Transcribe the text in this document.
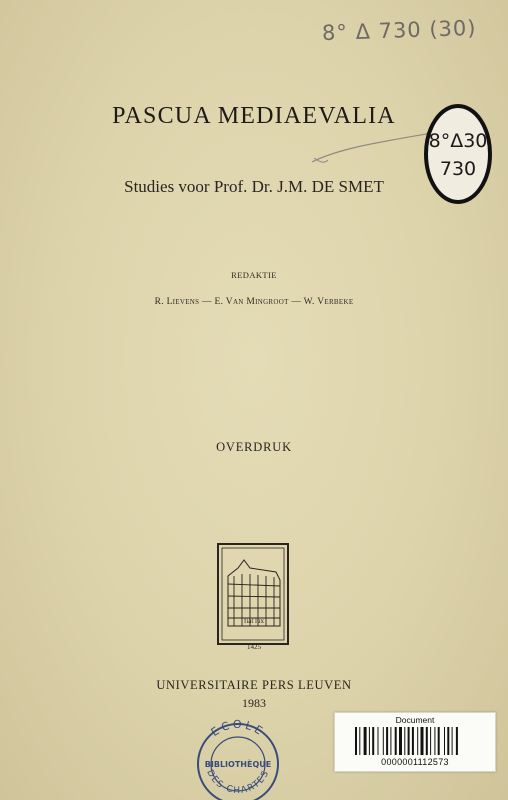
8° Δ 730 (30)
PASCUA MEDIAEVALIA
Studies voor Prof. Dr. J.M. DE SMET
REDAKTIE
R. Lievens — E. Van Mingroot — W. Verbeke
OVERDRUK
fiat lux
1425
UNIVERSITAIRE PERS LEUVEN
1983
8°Δ30
730
ECOLE
BIBLIOTHÈQUE
DES CHARTES
Document
0000001112573
